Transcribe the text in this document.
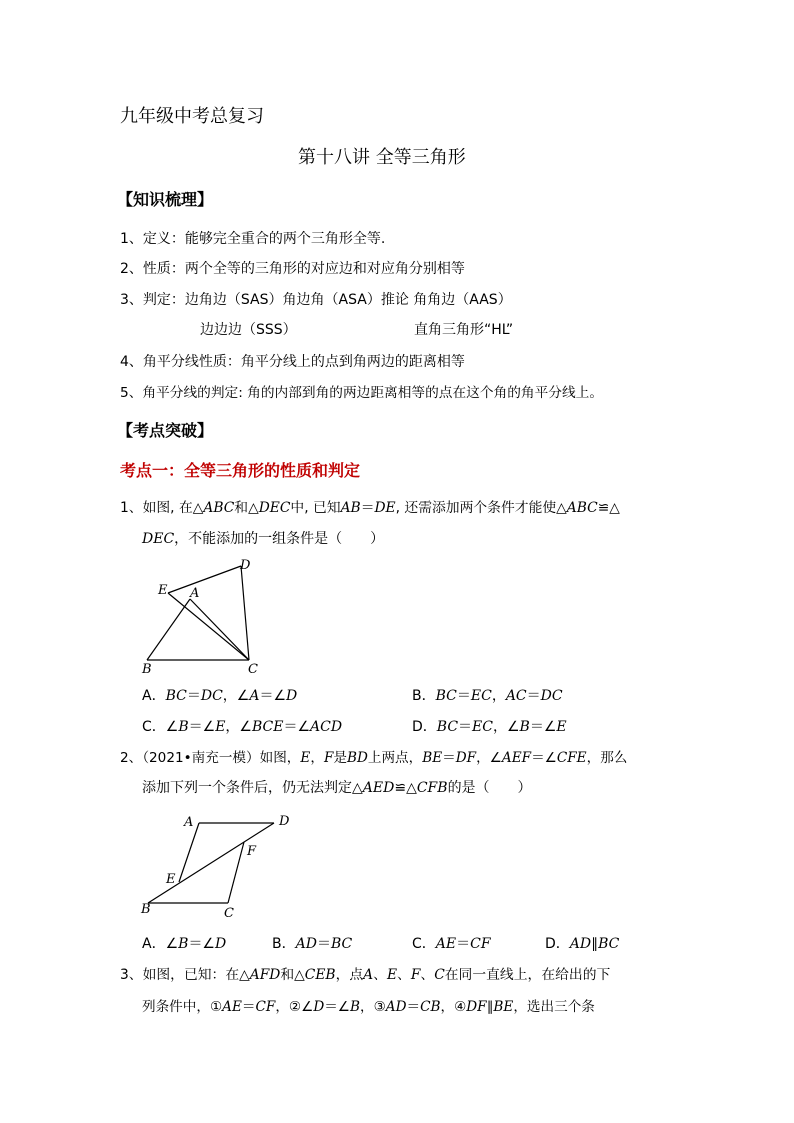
九年级中考总复习
第十八讲 全等三角形
【知识梳理】
1、定义：能够完全重合的两个三角形全等.
2、性质：两个全等的三角形的对应边和对应角分别相等
3、判定：边角边（SAS）角边角（ASA）推论 角角边（AAS）
边边边（SSS）	直角三角形“HL”
4、角平分线性质：角平分线上的点到角两边的距离相等
5、角平分线的判定: 角的内部到角的两边距离相等的点在这个角的角平分线上。
【考点突破】
考点一：全等三角形的性质和判定
1、如图, 在△ABC和△DEC中, 已知AB＝DE, 还需添加两个条件才能使△ABC≌△
DEC，不能添加的一组条件是（　　）
E A
D
B	C
A．BC＝DC，∠A＝∠D	B．BC＝EC，AC＝DC
C．∠B＝∠E，∠BCE＝∠ACD	D．BC＝EC，∠B＝∠E
2、（2021•南充一模）如图，E，F是BD上两点，BE＝DF，∠AEF＝∠CFE，那么
添加下列一个条件后，仍无法判定△AED≌△CFB的是（　　）
A	D
F
E
B	C
A．∠B＝∠D	B．AD＝BC	C．AE＝CF	D．AD∥BC
3、如图，已知：在△AFD和△CEB，点A、E、F、C在同一直线上，在给出的下
列条件中，①AE＝CF，②∠D＝∠B，③AD＝CB，④DF∥BE，选出三个条
